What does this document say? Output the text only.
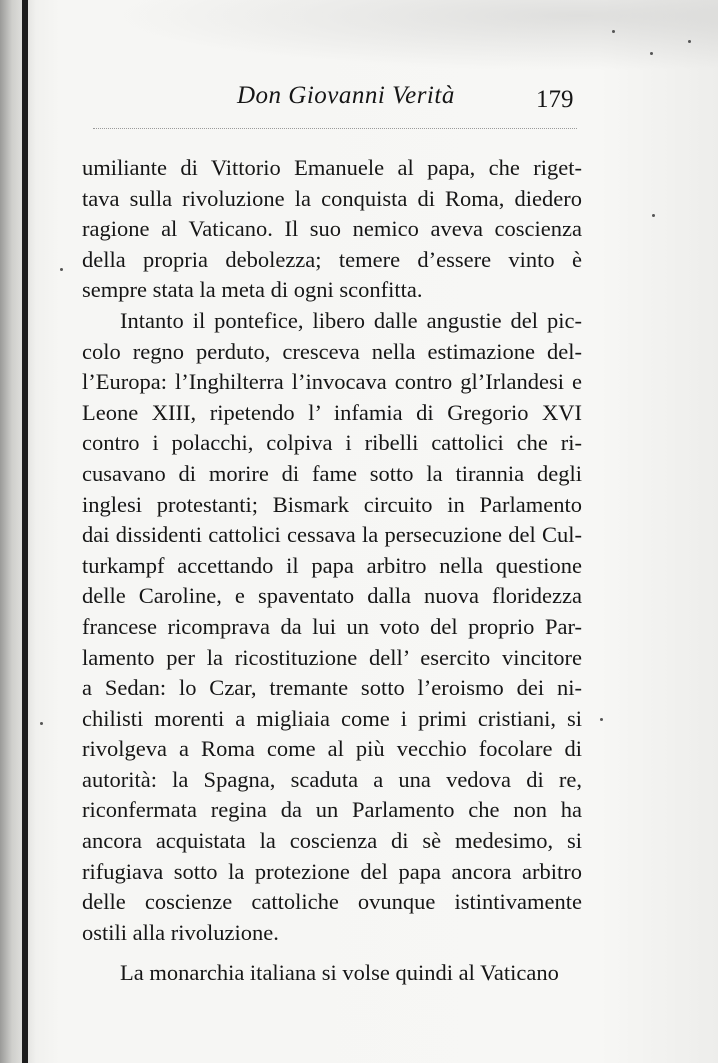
Don Giovanni Verità	179
umiliante di Vittorio Emanuele al papa, che riget-
tava sulla rivoluzione la conquista di Roma, diedero
ragione al Vaticano. Il suo nemico aveva coscienza
della propria debolezza; temere d’essere vinto è
sempre stata la meta di ogni sconfitta.
Intanto il pontefice, libero dalle angustie del pic-
colo regno perduto, cresceva nella estimazione del-
l’Europa: l’Inghilterra l’invocava contro gl’Irlandesi e
Leone XIII, ripetendo l’ infamia di Gregorio XVI
contro i polacchi, colpiva i ribelli cattolici che ri-
cusavano di morire di fame sotto la tirannia degli
inglesi protestanti; Bismark circuito in Parlamento
dai dissidenti cattolici cessava la persecuzione del Cul-
turkampf accettando il papa arbitro nella questione
delle Caroline, e spaventato dalla nuova floridezza
francese ricomprava da lui un voto del proprio Par-
lamento per la ricostituzione dell’ esercito vincitore
a Sedan: lo Czar, tremante sotto l’eroismo dei ni-
chilisti morenti a migliaia come i primi cristiani, si
rivolgeva a Roma come al più vecchio focolare di
autorità: la Spagna, scaduta a una vedova di re,
riconfermata regina da un Parlamento che non ha
ancora acquistata la coscienza di sè medesimo, si
rifugiava sotto la protezione del papa ancora arbitro
delle coscienze cattoliche ovunque istintivamente
ostili alla rivoluzione.
La monarchia italiana si volse quindi al Vaticano
